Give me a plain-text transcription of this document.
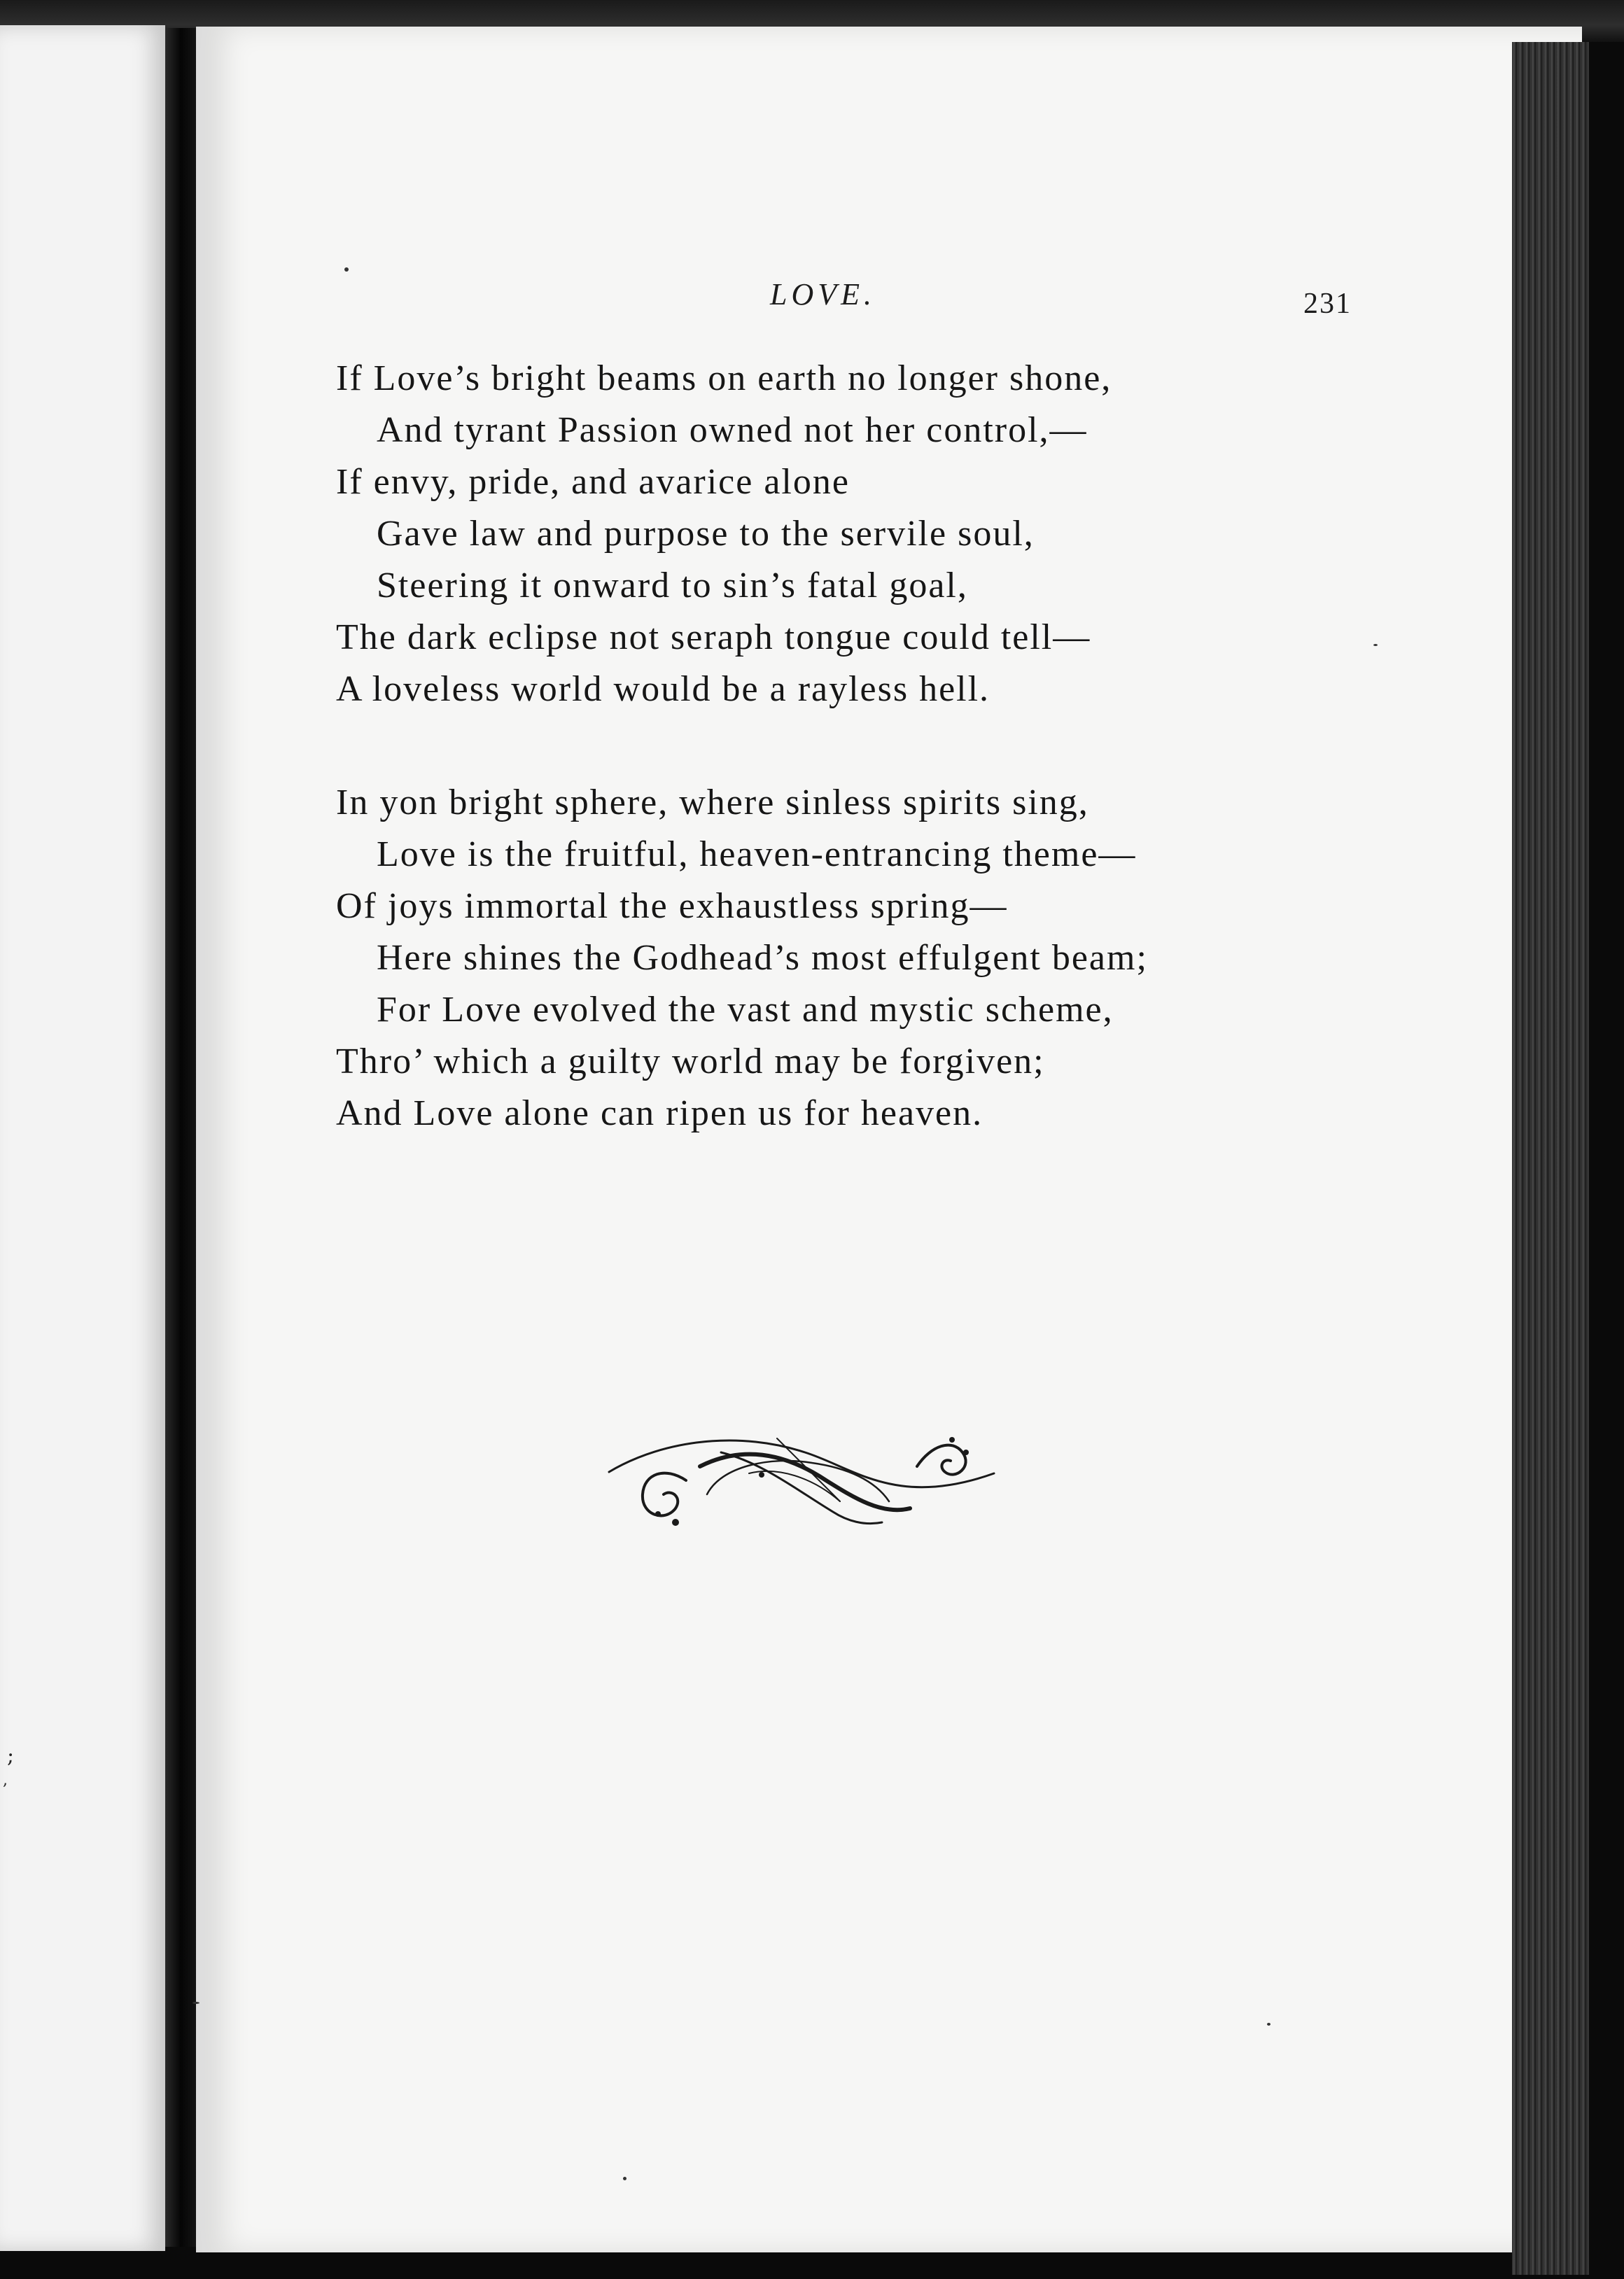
;
,
LOVE.	231
If Love’s bright beams on earth no longer shone,
And tyrant Passion owned not her control,—
If envy, pride, and avarice alone
Gave law and purpose to the servile soul,
Steering it onward to sin’s fatal goal,
The dark eclipse not seraph tongue could tell—
A loveless world would be a rayless hell.
In yon bright sphere, where sinless spirits sing,
Love is the fruitful, heaven-entrancing theme—
Of joys immortal the exhaustless spring—
Here shines the Godhead’s most effulgent beam;
For Love evolved the vast and mystic scheme,
Thro’ which a guilty world may be forgiven;
And Love alone can ripen us for heaven.
